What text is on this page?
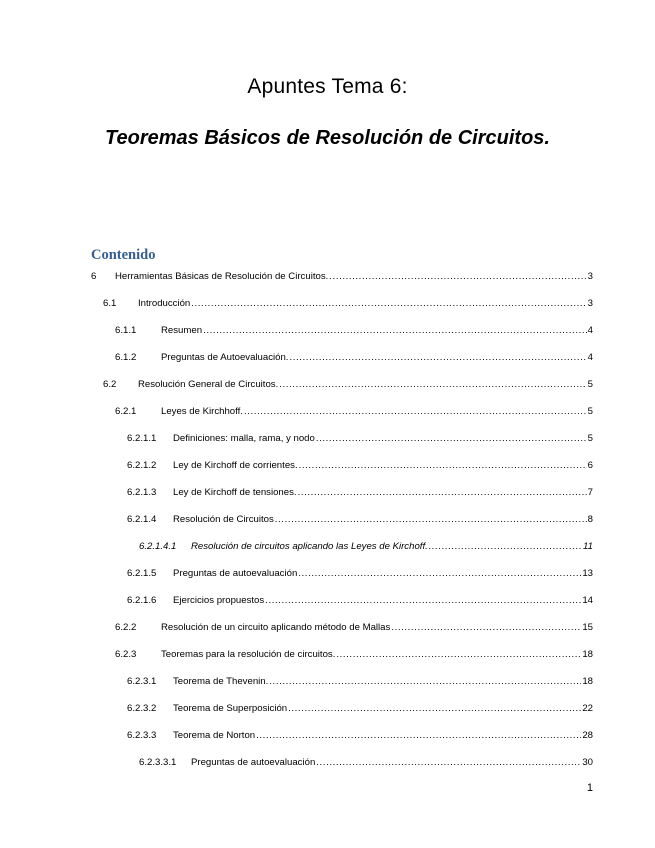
Apuntes Tema 6:
Teoremas Básicos de Resolución de Circuitos.
Contenido
6	Herramientas Básicas de Resolución de Circuitos. .....	3
6.1	Introducción .....	3
6.1.1	Resumen .....	4
6.1.2	Preguntas de Autoevaluación. .....	4
6.2	Resolución General de Circuitos. .....	5
6.2.1	Leyes de Kirchhoff. .....	5
6.2.1.1	Definiciones: malla, rama, y nodo .....	5
6.2.1.2	Ley de Kirchoff de corrientes. .....	6
6.2.1.3	Ley de Kirchoff de tensiones. .....	7
6.2.1.4	Resolución de Circuitos .....	8
6.2.1.4.1	Resolución de circuitos aplicando las Leyes de Kirchoff. .....	11
6.2.1.5	Preguntas de autoevaluación .....	13
6.2.1.6	Ejercicios propuestos .....	14
6.2.2	Resolución de un circuito aplicando método de Mallas .....	15
6.2.3	Teoremas para la resolución de circuitos. .....	18
6.2.3.1	Teorema de Thevenin. .....	18
6.2.3.2	Teorema de Superposición .....	22
6.2.3.3	Teorema de Norton .....	28
6.2.3.3.1	Preguntas de autoevaluación .....	30
1
